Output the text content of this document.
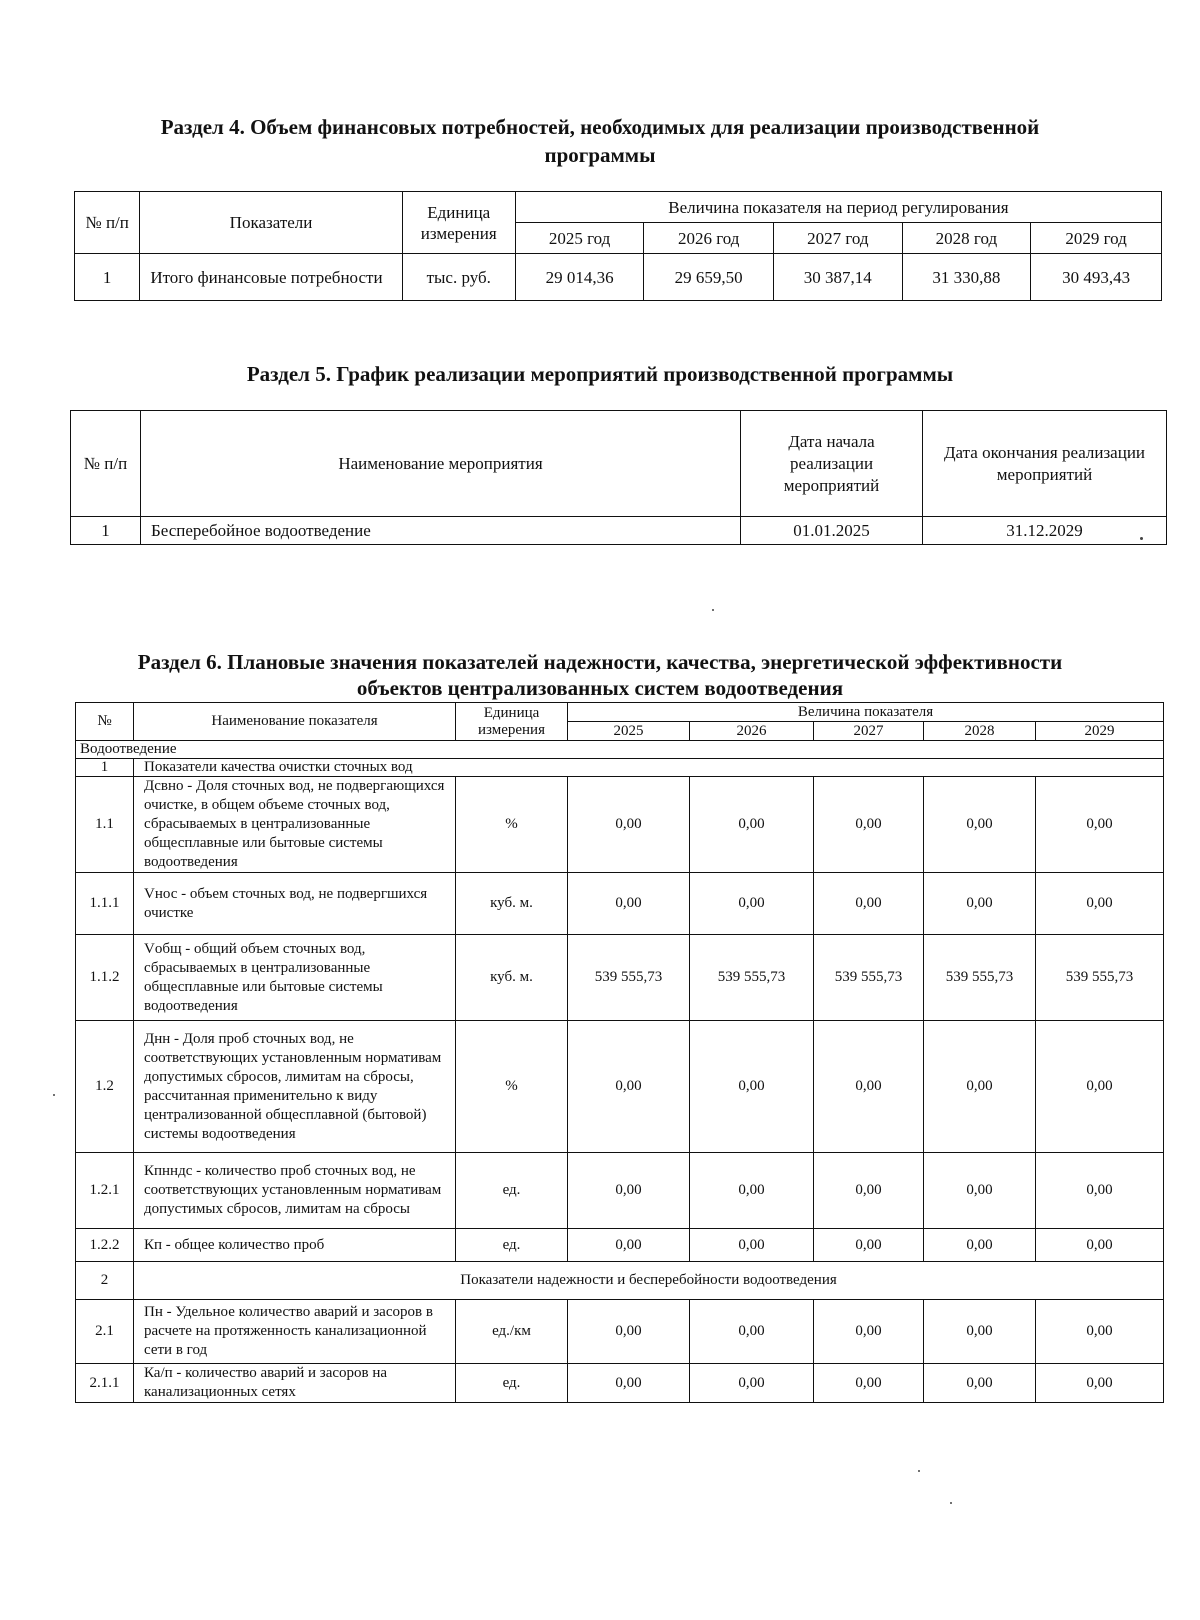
Раздел 4. Объем финансовых потребностей, необходимых для реализации производственной
программы
№ п/п	Показатели	Единица измерения	Величина показателя на период регулирования				
			2025 год	2026 год	2027 год	2028 год	2029 год
1	Итого финансовые потребности	тыс. руб.	29 014,36	29 659,50	30 387,14	31 330,88	30 493,43
Раздел 5. График реализации мероприятий производственной программы
№ п/п	Наименование мероприятия	Дата начала реализации мероприятий	Дата окончания реализации мероприятий
1	Бесперебойное водоотведение	01.01.2025	31.12.2029
Раздел 6. Плановые значения показателей надежности, качества, энергетической эффективности
объектов централизованных систем водоотведения
№	Наименование показателя	Единица измерения	Величина показателя				
			2025	2026	2027	2028	2029
Водоотведение							
1	Показатели качества очистки сточных вод						
1.1	Дсвно - Доля сточных вод, не подвергающихся очистке, в общем объеме сточных вод, сбрасываемых в централизованные общесплавные или бытовые системы водоотведения	%	0,00	0,00	0,00	0,00	0,00
1.1.1	Vнос - объем сточных вод, не подвергшихся очистке	куб. м.	0,00	0,00	0,00	0,00	0,00
1.1.2	Vобщ - общий объем сточных вод, сбрасываемых в централизованные общесплавные или бытовые системы водоотведения	куб. м.	539 555,73	539 555,73	539 555,73	539 555,73	539 555,73
1.2	Днн - Доля проб сточных вод, не соответствующих установленным нормативам допустимых сбросов, лимитам на сбросы, рассчитанная применительно к виду централизованной общесплавной (бытовой) системы водоотведения	%	0,00	0,00	0,00	0,00	0,00
1.2.1	Кпнндс - количество проб сточных вод, не соответствующих установленным нормативам допустимых сбросов, лимитам на сбросы	ед.	0,00	0,00	0,00	0,00	0,00
1.2.2	Кп - общее количество проб	ед.	0,00	0,00	0,00	0,00	0,00
2	Показатели надежности и бесперебойности водоотведения						
2.1	Пн - Удельное количество аварий и засоров в расчете на протяженность канализационной сети в год	ед./км	0,00	0,00	0,00	0,00	0,00
2.1.1	Ка/п - количество аварий и засоров на канализационных сетях	ед.	0,00	0,00	0,00	0,00	0,00
